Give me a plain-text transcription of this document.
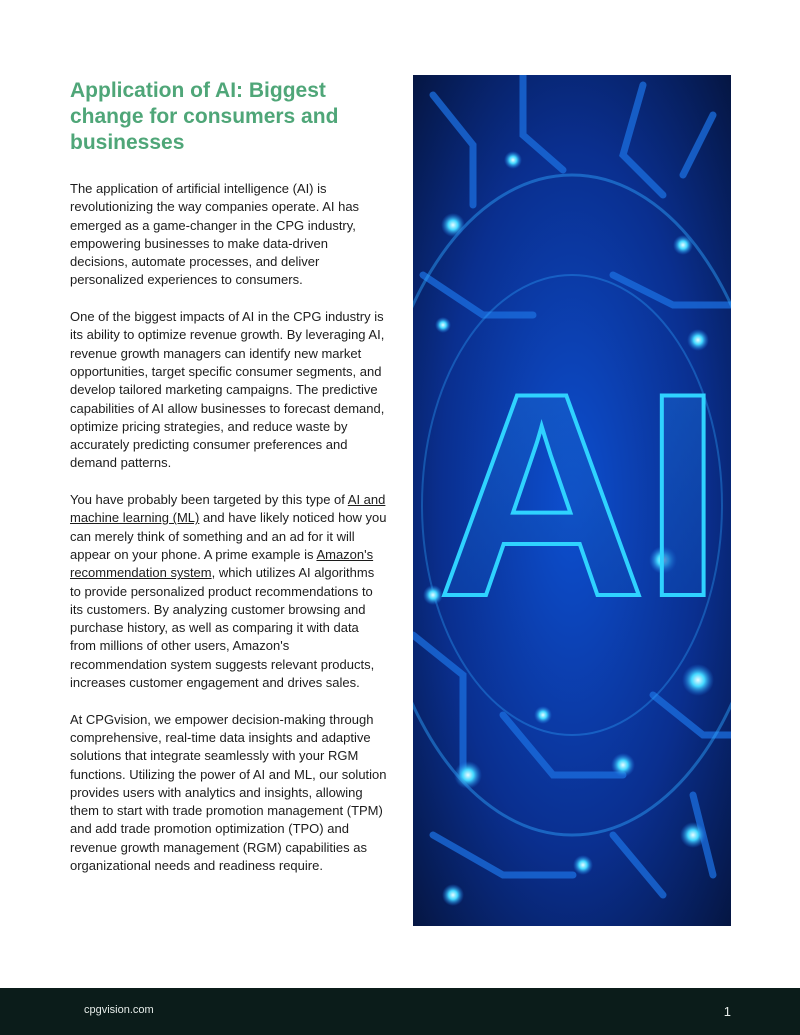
Application of AI: Biggest change for consumers and businesses

The application of artificial intelligence (AI) is revolutionizing the way companies operate. AI has emerged as a game-changer in the CPG industry, empowering businesses to make data-driven decisions, automate processes, and deliver personalized experiences to consumers.

One of the biggest impacts of AI in the CPG industry is its ability to optimize revenue growth. By leveraging AI, revenue growth managers can identify new market opportunities, target specific consumer segments, and develop tailored marketing campaigns. The predictive capabilities of AI allow businesses to forecast demand, optimize pricing strategies, and reduce waste by accurately predicting consumer preferences and demand patterns.

You have probably been targeted by this type of AI and machine learning (ML) and have likely noticed how you can merely think of something and an ad for it will appear on your phone. A prime example is Amazon's recommendation system, which utilizes AI algorithms to provide personalized product recommendations to its customers. By analyzing customer browsing and purchase history, as well as comparing it with data from millions of other users, Amazon's recommendation system suggests relevant products, increases customer engagement and drives sales.

At CPGvision, we empower decision-making through comprehensive, real-time data insights and adaptive solutions that integrate seamlessly with your RGM functions. Utilizing the power of AI and ML, our solution provides users with analytics and insights, allowing them to start with trade promotion management (TPM) and add trade promotion optimization (TPO) and revenue growth management (RGM) capabilities as organizational needs and readiness require.

AI
cpgvision.com	1
